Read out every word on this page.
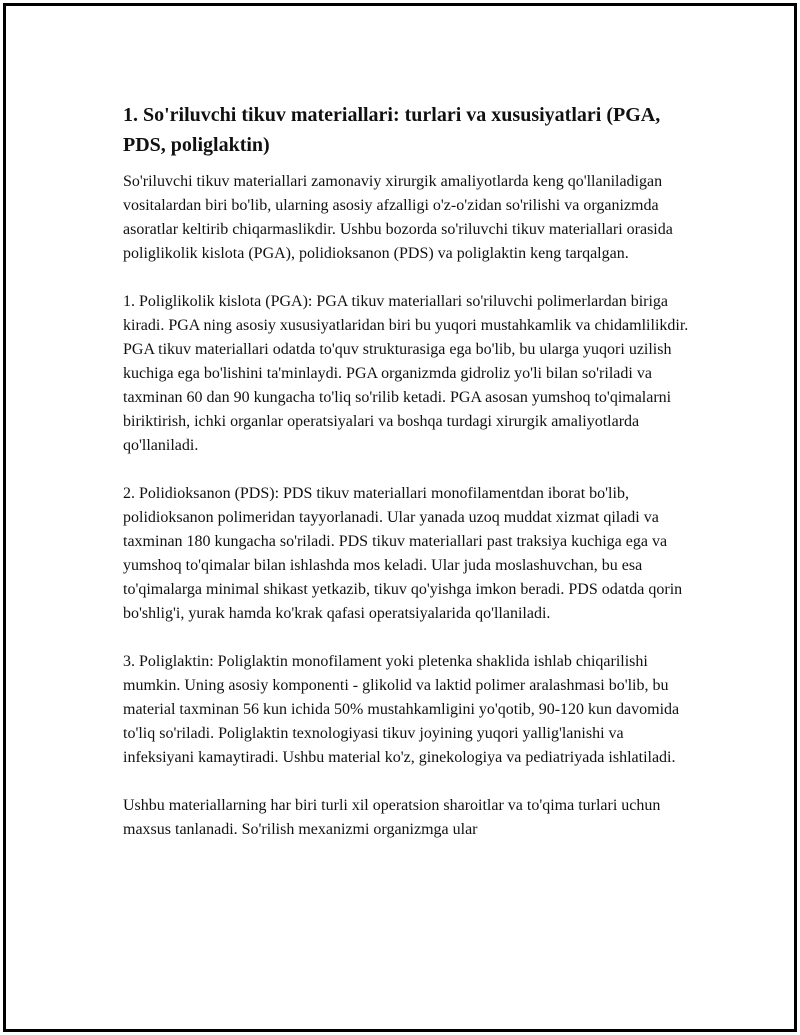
1. So'riluvchi tikuv materiallari: turlari va xususiyatlari (PGA, PDS, poliglaktin)

So'riluvchi tikuv materiallari zamonaviy xirurgik amaliyotlarda keng qo'llaniladigan vositalardan biri bo'lib, ularning asosiy afzalligi o'z-o'zidan so'rilishi va organizmda asoratlar keltirib chiqarmaslikdir. Ushbu bozorda so'riluvchi tikuv materiallari orasida poliglikolik kislota (PGA), polidioksanon (PDS) va poliglaktin keng tarqalgan.

1. Poliglikolik kislota (PGA): PGA tikuv materiallari so'riluvchi polimerlardan biriga kiradi. PGA ning asosiy xususiyatlaridan biri bu yuqori mustahkamlik va chidamlilikdir. PGA tikuv materiallari odatda to'quv strukturasiga ega bo'lib, bu ularga yuqori uzilish kuchiga ega bo'lishini ta'minlaydi. PGA organizmda gidroliz yo'li bilan so'riladi va taxminan 60 dan 90 kungacha to'liq so'rilib ketadi. PGA asosan yumshoq to'qimalarni biriktirish, ichki organlar operatsiyalari va boshqa turdagi xirurgik amaliyotlarda qo'llaniladi.

2. Polidioksanon (PDS): PDS tikuv materiallari monofilamentdan iborat bo'lib, polidioksanon polimeridan tayyorlanadi. Ular yanada uzoq muddat xizmat qiladi va taxminan 180 kungacha so'riladi. PDS tikuv materiallari past traksiya kuchiga ega va yumshoq to'qimalar bilan ishlashda mos keladi. Ular juda moslashuvchan, bu esa to'qimalarga minimal shikast yetkazib, tikuv qo'yishga imkon beradi. PDS odatda qorin bo'shlig'i, yurak hamda ko'krak qafasi operatsiyalarida qo'llaniladi.

3. Poliglaktin: Poliglaktin monofilament yoki pletenka shaklida ishlab chiqarilishi mumkin. Uning asosiy komponenti - glikolid va laktid polimer aralashmasi bo'lib, bu material taxminan 56 kun ichida 50% mustahkamligini yo'qotib, 90-120 kun davomida to'liq so'riladi. Poliglaktin texnologiyasi tikuv joyining yuqori yallig'lanishi va infeksiyani kamaytiradi. Ushbu material ko'z, ginekologiya va pediatriyada ishlatiladi.

Ushbu materiallarning har biri turli xil operatsion sharoitlar va to'qima turlari uchun maxsus tanlanadi. So'rilish mexanizmi organizmga ular
